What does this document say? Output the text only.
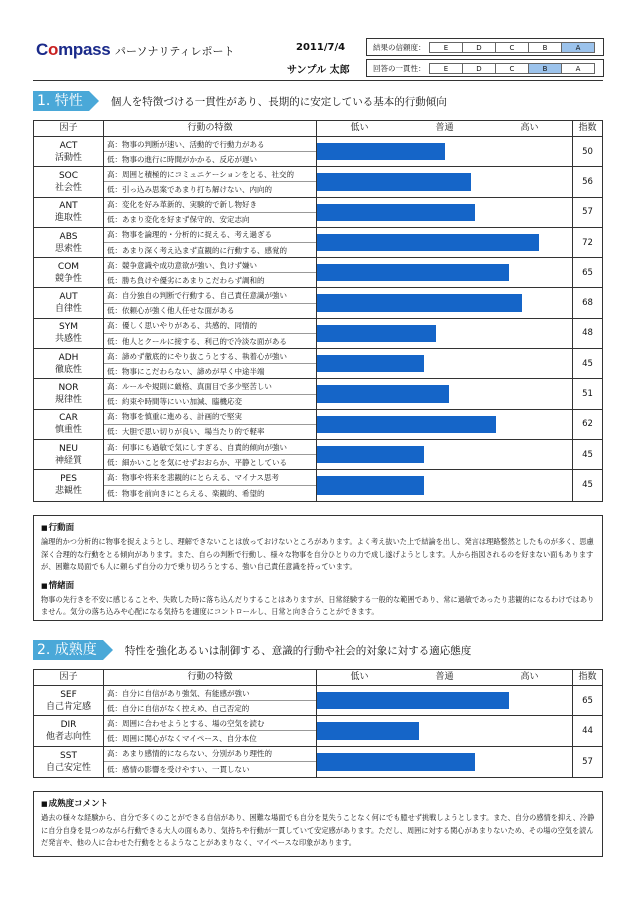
Compass パーソナリティレポート	2011/7/4
サンプル 太郎
結果の信頼度：	E	D	C	B	A
回答の一貫性：	E	D	C	B	A
1. 特性	個人を特徴づける一貫性があり、長期的に安定している基本的行動傾向
因子	行動の特徴	低い	普通	高い	指数
ACT
活動性
高：物事の判断が速い、活動的で行動力がある
低：物事の進行に時間がかかる、反応が遅い
50
SOC
社会性
高：周囲と積極的にコミュニケーションをとる、社交的
低：引っ込み思案であまり打ち解けない、内向的
56
ANT
進取性
高：変化を好み革新的、実験的で新し物好き
低：あまり変化を好まず保守的、安定志向
57
ABS
思索性
高：物事を論理的・分析的に捉える、考え過ぎる
低：あまり深く考え込まず直観的に行動する、感覚的
72
COM
競争性
高：競争意識や成功意欲が強い、負けず嫌い
低：勝ち負けや優劣にあまりこだわらず調和的
65
AUT
自律性
高：自分独自の判断で行動する、自己責任意識が強い
低：依頼心が強く他人任せな面がある
68
SYM
共感性
高：優しく思いやりがある、共感的、同情的
低：他人とクールに接する、利己的で冷淡な面がある
48
ADH
徹底性
高：諦めず徹底的にやり抜こうとする、執着心が強い
低：物事にこだわらない、諦めが早く中途半端
45
NOR
規律性
高：ルールや規則に厳格、真面目で多少堅苦しい
低：約束や時間等にいい加減、臨機応変
51
CAR
慎重性
高：物事を慎重に進める、計画的で堅実
低：大胆で思い切りが良い、場当たり的で軽率
62
NEU
神経質
高：何事にも過敏で気にしすぎる、自責的傾向が強い
低：細かいことを気にせずおおらか、平静としている
45
PES
悲観性
高：物事や将来を悲観的にとらえる、マイナス思考
低：物事を前向きにとらえる、楽観的、希望的
45
■ 行動面

論理的かつ分析的に物事を捉えようとし、理解できないことは放っておけないところがあります。よく考え抜いた上で結論を出し、発言は理路整然としたものが多く、思慮深く合理的な行動をとる傾向があります。また、自らの判断で行動し、様々な物事を自分ひとりの力で成し遂げようとします。人から指図されるのを好まない面もありますが、困難な局面でも人に頼らず自分の力で乗り切ろうとする、強い自己責任意識を持っています。

■ 情緒面

物事の先行きを不安に感じることや、失敗した時に落ち込んだりすることはありますが、日常経験する一般的な範囲であり、常に過敏であったり悲観的になるわけではありません。気分の落ち込みや心配になる気持ちを適度にコントロールし、日常と向き合うことができます。

2. 成熟度	特性を強化あるいは制御する、意識的行動や社会的対象に対する適応態度
因子	行動の特徴	低い	普通	高い	指数
SEF
自己肯定感
高：自分に自信があり強気、有能感が強い
低：自分に自信がなく控えめ、自己否定的
65
DIR
他者志向性
高：周囲に合わせようとする、場の空気を読む
低：周囲に関心がなくマイペース、自分本位
44
SST
自己安定性
高：あまり感情的にならない、分別があり理性的
低：感情の影響を受けやすい、一貫しない
57
■ 成熟度コメント

過去の様々な経験から、自分で多くのことができる自信があり、困難な場面でも自分を見失うことなく何にでも臆せず挑戦しようとします。また、自分の感情を抑え、冷静に自分自身を見つめながら行動できる大人の面もあり、気持ちや行動が一貫していて安定感があります。ただし、周囲に対する関心があまりないため、その場の空気を読んだ発言や、他の人に合わせた行動をとるようなことがあまりなく、マイペースな印象があります。
